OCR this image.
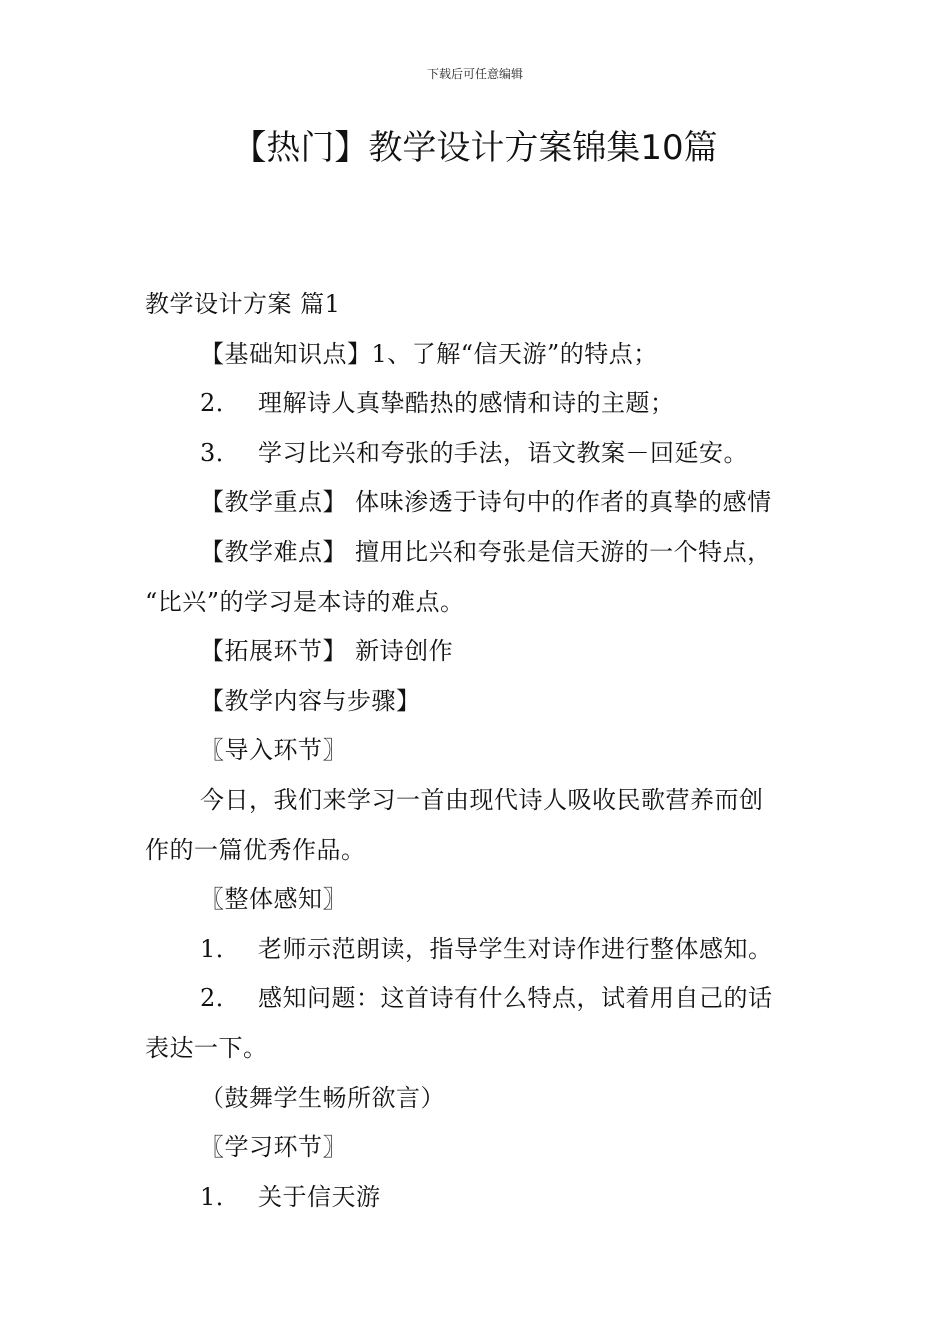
下载后可任意编辑
【热门】教学设计方案锦集10篇
教学设计方案 篇1
【基础知识点】1、了解“信天游”的特点；
2． 理解诗人真挚酷热的感情和诗的主题；
3． 学习比兴和夸张的手法，语文教案－回延安。
【教学重点】 体味渗透于诗句中的作者的真挚的感情
【教学难点】 擅用比兴和夸张是信天游的一个特点，
“比兴”的学习是本诗的难点。
【拓展环节】 新诗创作
【教学内容与步骤】
〖导入环节〗
今日，我们来学习一首由现代诗人吸收民歌营养而创
作的一篇优秀作品。
〖整体感知〗
1． 老师示范朗读，指导学生对诗作进行整体感知。
2． 感知问题：这首诗有什么特点，试着用自己的话
表达一下。
（鼓舞学生畅所欲言）
〖学习环节〗
1． 关于信天游
